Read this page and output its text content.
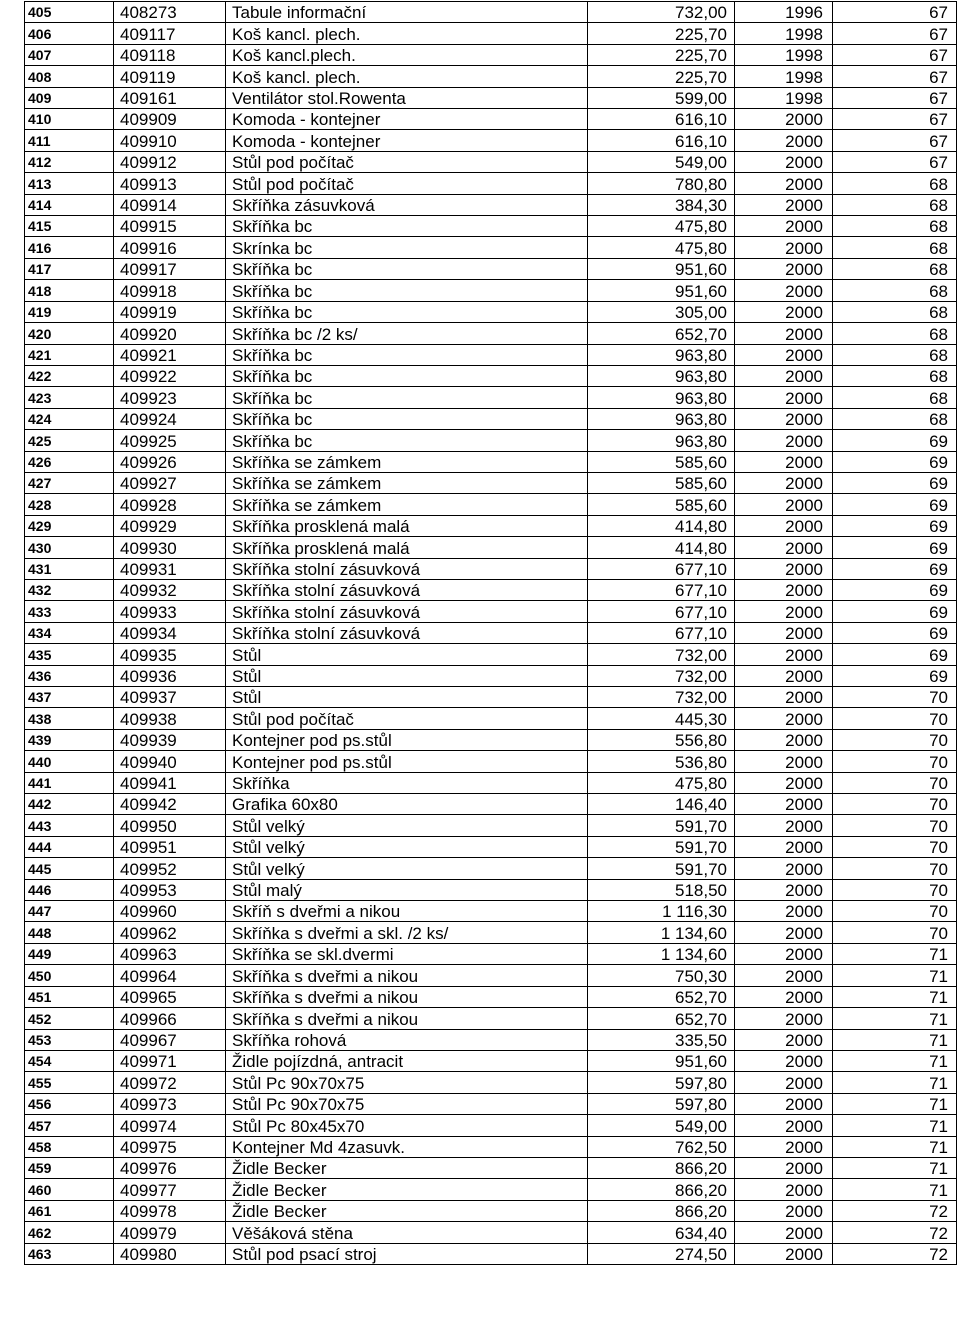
405	408273	Tabule informační	732,00	1996	67
406	409117	Koš kancl. plech.	225,70	1998	67
407	409118	Koš kancl.plech.	225,70	1998	67
408	409119	Koš kancl. plech.	225,70	1998	67
409	409161	Ventilátor stol.Rowenta	599,00	1998	67
410	409909	Komoda - kontejner	616,10	2000	67
411	409910	Komoda - kontejner	616,10	2000	67
412	409912	Stůl pod počítač	549,00	2000	67
413	409913	Stůl pod počítač	780,80	2000	68
414	409914	Skříňka zásuvková	384,30	2000	68
415	409915	Skříňka bc	475,80	2000	68
416	409916	Skrínka bc	475,80	2000	68
417	409917	Skříňka bc	951,60	2000	68
418	409918	Skříňka bc	951,60	2000	68
419	409919	Skříňka bc	305,00	2000	68
420	409920	Skříňka bc /2 ks/	652,70	2000	68
421	409921	Skříňka bc	963,80	2000	68
422	409922	Skříňka bc	963,80	2000	68
423	409923	Skříňka bc	963,80	2000	68
424	409924	Skříňka bc	963,80	2000	68
425	409925	Skříňka bc	963,80	2000	69
426	409926	Skříňka se zámkem	585,60	2000	69
427	409927	Skříňka se zámkem	585,60	2000	69
428	409928	Skříňka se zámkem	585,60	2000	69
429	409929	Skříňka prosklená malá	414,80	2000	69
430	409930	Skříňka prosklená malá	414,80	2000	69
431	409931	Skříňka stolní zásuvková	677,10	2000	69
432	409932	Skříňka stolní zásuvková	677,10	2000	69
433	409933	Skříňka stolní zásuvková	677,10	2000	69
434	409934	Skříňka stolní zásuvková	677,10	2000	69
435	409935	Stůl	732,00	2000	69
436	409936	Stůl	732,00	2000	69
437	409937	Stůl	732,00	2000	70
438	409938	Stůl pod počítač	445,30	2000	70
439	409939	Kontejner pod ps.stůl	556,80	2000	70
440	409940	Kontejner pod ps.stůl	536,80	2000	70
441	409941	Skříňka	475,80	2000	70
442	409942	Grafika 60x80	146,40	2000	70
443	409950	Stůl velký	591,70	2000	70
444	409951	Stůl velký	591,70	2000	70
445	409952	Stůl velký	591,70	2000	70
446	409953	Stůl malý	518,50	2000	70
447	409960	Skříň s dveřmi a nikou	1 116,30	2000	70
448	409962	Skříňka s dveřmi a skl. /2 ks/	1 134,60	2000	70
449	409963	Skříňka se skl.dvermi	1 134,60	2000	71
450	409964	Skříňka s dveřmi a nikou	750,30	2000	71
451	409965	Skříňka s dveřmi a nikou	652,70	2000	71
452	409966	Skříňka s dveřmi a nikou	652,70	2000	71
453	409967	Skříňka rohová	335,50	2000	71
454	409971	Židle pojízdná, antracit	951,60	2000	71
455	409972	Stůl Pc 90x70x75	597,80	2000	71
456	409973	Stůl Pc 90x70x75	597,80	2000	71
457	409974	Stůl Pc 80x45x70	549,00	2000	71
458	409975	Kontejner Md 4zasuvk.	762,50	2000	71
459	409976	Židle Becker	866,20	2000	71
460	409977	Židle Becker	866,20	2000	71
461	409978	Židle Becker	866,20	2000	72
462	409979	Věšáková stěna	634,40	2000	72
463	409980	Stůl pod psací stroj	274,50	2000	72
